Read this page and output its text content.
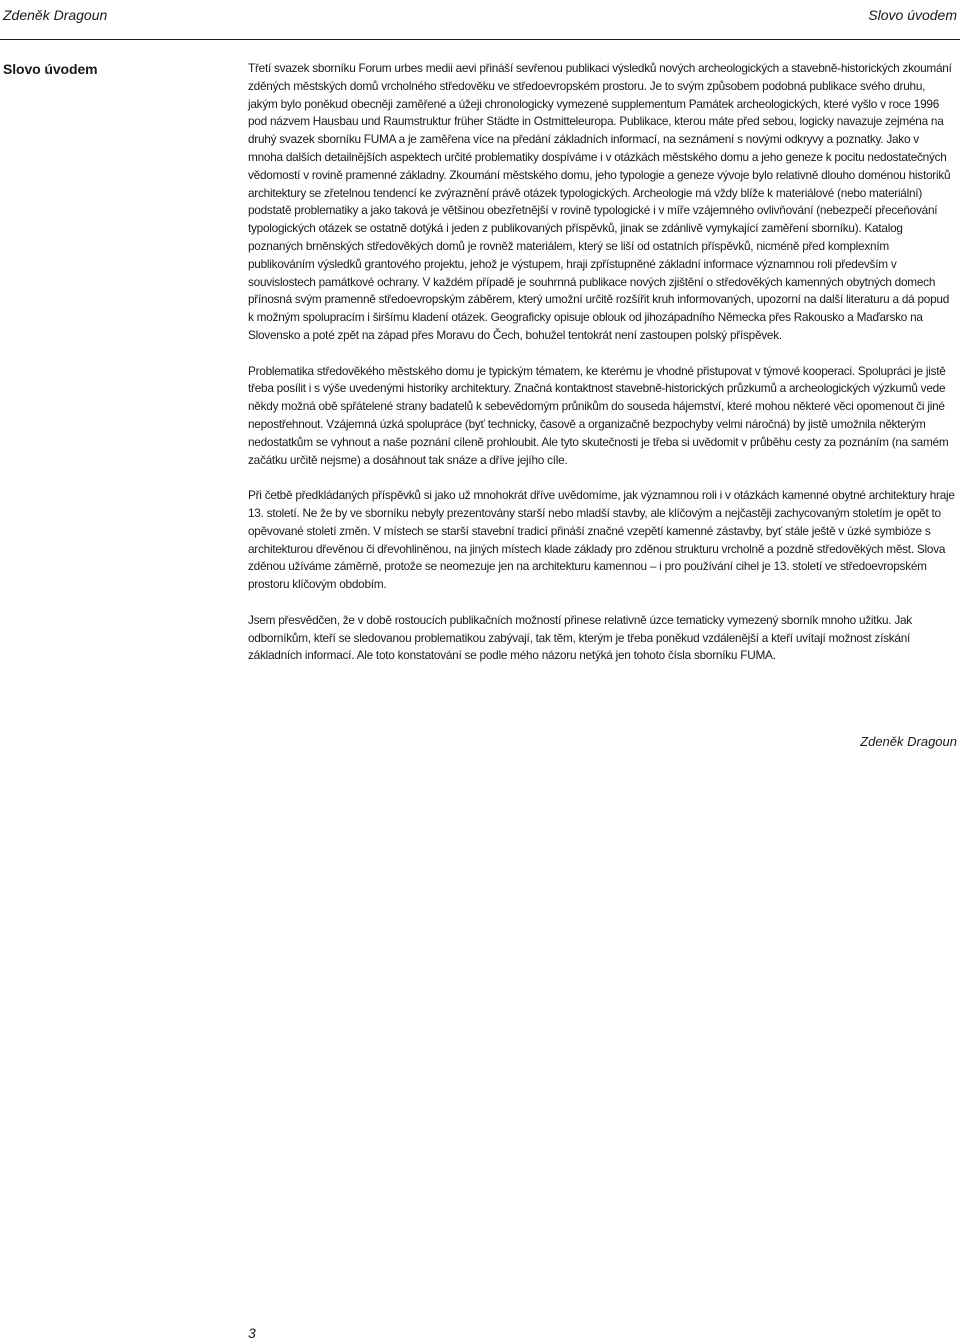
Zdeněk Dragoun	Slovo úvodem
Slovo úvodem	Třetí svazek sborníku Forum urbes medii aevi přináší sevřenou publikaci výsledků nových archeologických a stavebně-historických zkoumání zděných městských domů vrcholného středověku ve středoevropském prostoru. Je to svým způsobem podobná publikace svého druhu, jakým bylo poněkud obecněji zaměřené a úžeji chronologicky vymezené supplementum Památek archeologických, které vyšlo v roce 1996 pod názvem Hausbau und Raumstruktur früher Städte in Ostmitteleuropa. Publikace, kterou máte před sebou, logicky navazuje zejména na druhý svazek sborníku FUMA a je zaměřena více na předání základních informací, na seznámení s novými odkryvy a poznatky. Jako v mnoha dalších detailnějších aspektech určité problematiky dospíváme i v otázkách městského domu a jeho geneze k pocitu nedostatečných vědomostí v rovině pramenné základny. Zkoumání městského domu, jeho typologie a geneze vývoje bylo relativně dlouho doménou historiků architektury se zřetelnou tendencí ke zvýraznění právě otázek typologických. Archeologie má vždy blíže k materiálové (nebo materiální) podstatě problematiky a jako taková je většinou obezřetnější v rovině typologické i v míře vzájemného ovlivňování (nebezpečí přeceňování typologických otázek se ostatně dotýká i jeden z publikovaných příspěvků, jinak se zdánlivě vymykající zaměření sborníku). Katalog poznaných brněnských středověkých domů je rovněž materiálem, který se liší od ostatních příspěvků, nicméně před komplexním publikováním výsledků grantového projektu, jehož je výstupem, hraji zpřístupněné základní informace významnou roli především v souvislostech památkové ochrany. V každém případě je souhrnná publikace nových zjištění o středověkých kamenných obytných domech přínosná svým pramenně středoevropským záběrem, který umožní určitě rozšířit kruh informovaných, upozorní na další literaturu a dá popud k možným spolupracím i širšímu kladení otázek. Geograficky opisuje oblouk od jihozápadního Německa přes Rakousko a Maďarsko na Slovensko a poté zpět na západ přes Moravu do Čech, bohužel tentokrát není zastoupen polský příspěvek.

Problematika středověkého městského domu je typickým tématem, ke kterému je vhodné přistupovat v týmové kooperaci. Spolupráci je jistě třeba posílit i s výše uvedenými historiky architektury. Značná kontaktnost stavebně-historických průzkumů a archeologických výzkumů vede někdy možná obě spřátelené strany badatelů k sebevědomým průnikům do souseda hájemství, které mohou některé věci opomenout či jiné nepostřehnout. Vzájemná úzká spolupráce (byť technicky, časově a organizačně bezpochyby velmi náročná) by jistě umožnila některým nedostatkům se vyhnout a naše poznání cíleně prohloubit. Ale tyto skutečnosti je třeba si uvědomit v průběhu cesty za poznáním (na samém začátku určitě nejsme) a dosáhnout tak snáze a dříve jejího cíle.

Při četbě předkládaných příspěvků si jako už mnohokrát dříve uvědomíme, jak významnou roli i v otázkách kamenné obytné architektury hraje 13. století. Ne že by ve sborníku nebyly prezentovány starší nebo mladší stavby, ale klíčovým a nejčastěji zachycovaným stoletím je opět to opěvované století změn. V místech se starší stavební tradicí přináší značné vzepětí kamenné zástavby, byť stále ještě v úzké symbióze s architekturou dřevěnou či dřevohliněnou, na jiných místech klade základy pro zděnou strukturu vrcholně a pozdně středověkých měst. Slova zděnou užíváme záměrně, protože se neomezuje jen na architekturu kamennou – i pro používání cihel je 13. století ve středoevropském prostoru klíčovým obdobím.

Jsem přesvědčen, že v době rostoucích publikačních možností přinese relativně úzce tematicky vymezený sborník mnoho užitku. Jak odborníkům, kteří se sledovanou problematikou zabývají, tak těm, kterým je třeba poněkud vzdálenější a kteří uvítají možnost získání základních informací. Ale toto konstatování se podle mého názoru netýká jen tohoto čísla sborníku FUMA.

Zdeněk Dragoun
3
